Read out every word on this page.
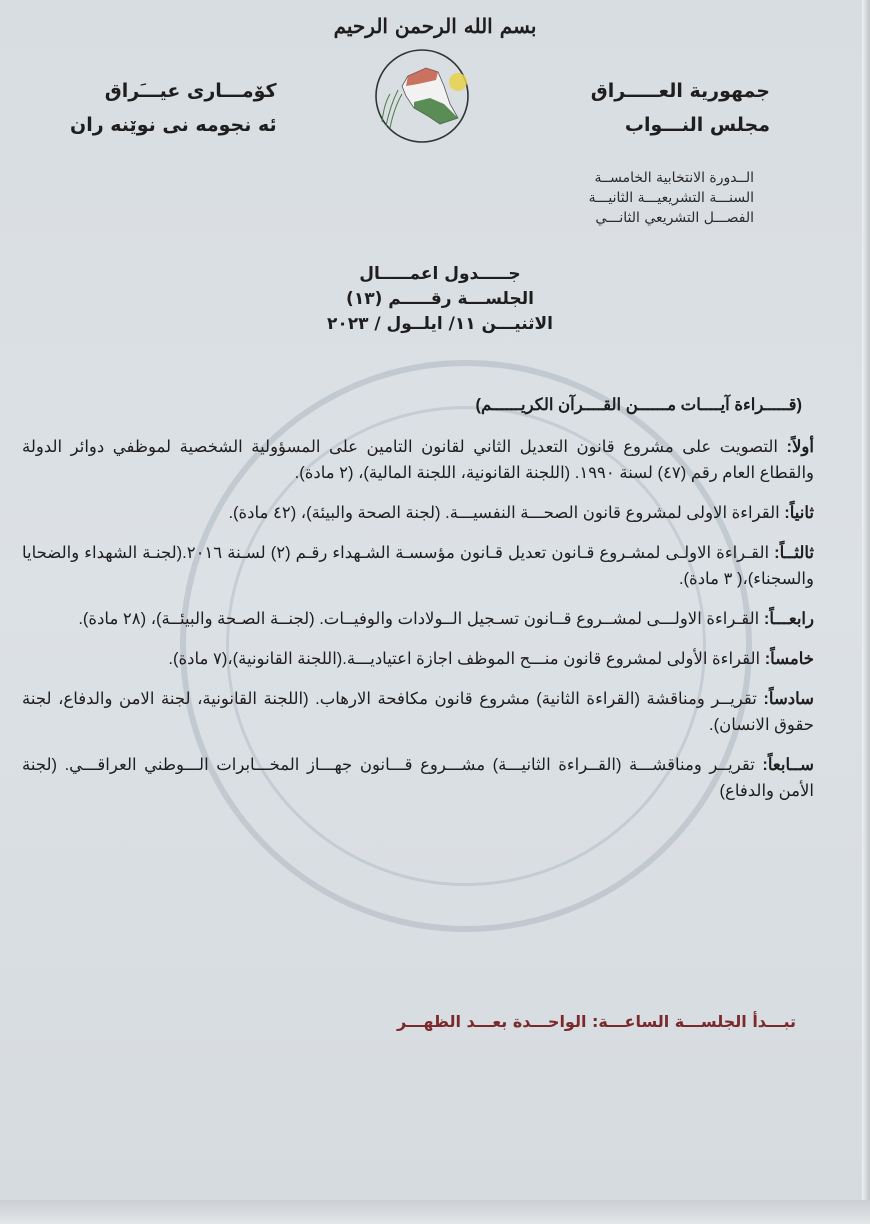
بسم الله الرحمن الرحيم
جمهورية العـــــراق
مجلس النـــواب
كۆمـــاری عیـــَراق
ئه نجومه نی نوێنه ران
الــدورة الانتخابية الخامســة
السنـــة التشريعيـــة الثانيـــة
الفصـــل التشريعي الثانـــي
جـــــدول اعمـــــال
الجلســـة رقـــــم (١٣)
الاثنيـــن ١١/ ايلــول / ٢٠٢٣
(قـــــراءة آيــــات مــــــن القــــرآن الكريــــــم)
أولاً: التصويت على مشروع قانون التعديل الثاني لقانون التامين على المسؤولية الشخصية لموظفي دوائر الدولة والقطاع العام رقم (٤٧) لسنة ١٩٩٠. (اللجنة القانونية، اللجنة المالية)، (٢ مادة).
ثانياً: القراءة الاولى لمشروع قانون الصحـــة النفسيـــة. (لجنة الصحة والبيئة)، (٤٢ مادة).
ثالثــاً: القـراءة الاولـى لمشـروع قـانون تعديل قـانون مؤسسـة الشـهداء رقـم (٢) لسـنة ٢٠١٦.(لجنـة الشهداء والضحايا والسجناء)،( ٣ مادة).
رابعـــاً: القـراءة الاولـــى لمشــروع قــانون تسـجيل الــولادات والوفيــات. (لجنــة الصـحة والبيئــة)، (٢٨ مادة).
خامساً: القراءة الأولى لمشروع قانون منـــح الموظف اجازة اعتياديـــة.(اللجنة القانونية)،(٧ مادة).
سادساً: تقريــر ومناقشة (القراءة الثانية) مشروع قانون مكافحة الارهاب. (اللجنة القانونية، لجنة الامن والدفاع، لجنة حقوق الانسان).
ســابعاً: تقريــر ومناقشـــة (القــراءة الثانيـــة) مشـــروع قـــانون جهـــاز المخـــابرات الـــوطني العراقـــي. (لجنة الأمن والدفاع)
تبـــدأ الجلســـة الساعـــة: الواحـــدة بعـــد الظهـــر
